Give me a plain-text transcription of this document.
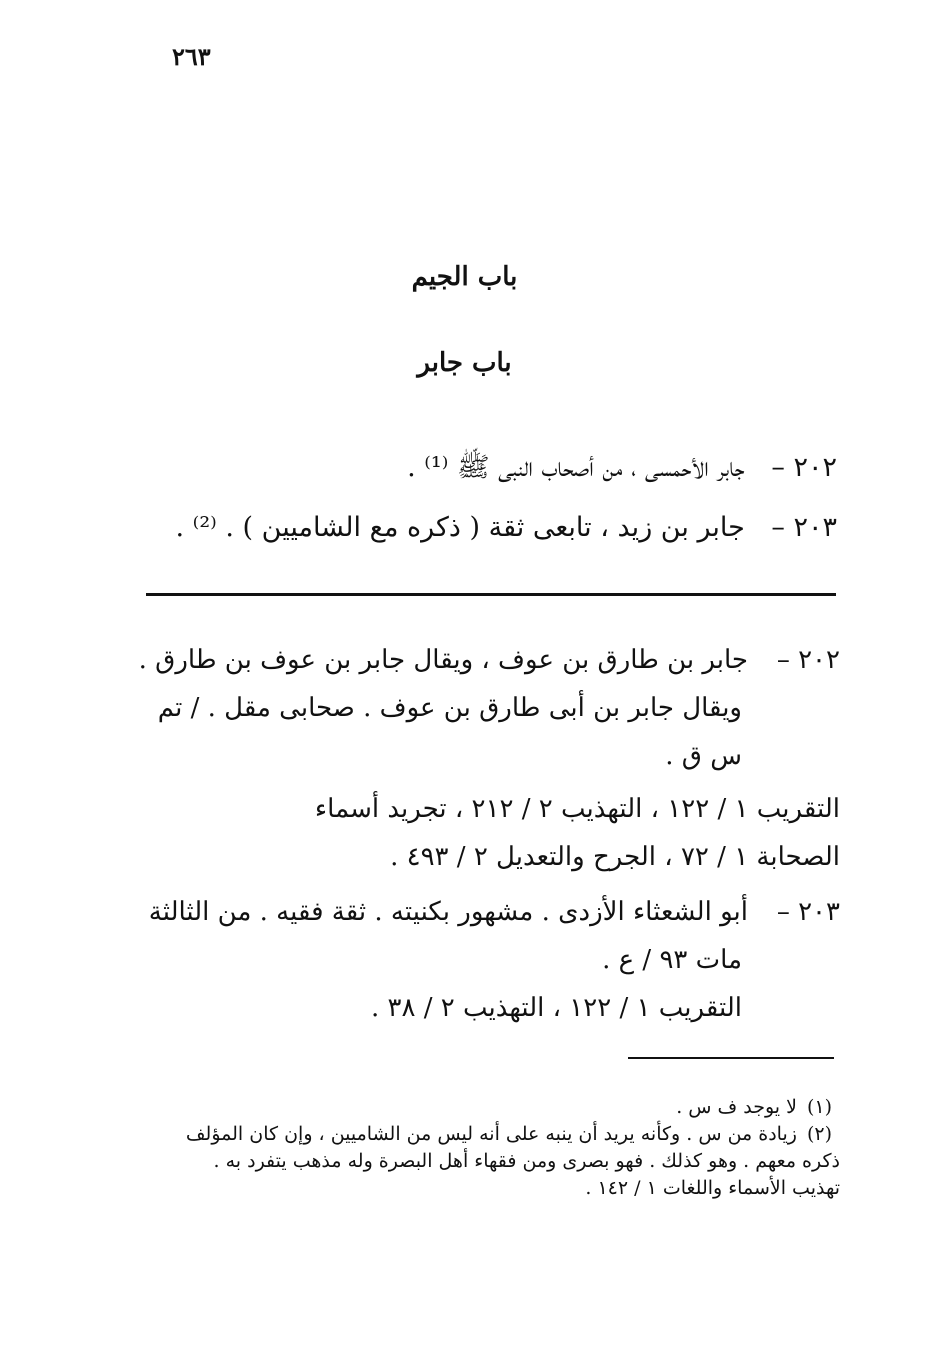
٢٦٣
باب الجيم
باب جابر
٢٠٢ – جابر الأحمسى ، من أصحاب النبى ﷺ ⁽¹⁾ .
٢٠٣ – جابر بن زيد ، تابعى ثقة ( ذكره مع الشاميين ) . ⁽²⁾ .
٢٠٢ –جابر بن طارق بن عوف ، ويقال جابر بن عوف بن طارق .
ويقال جابر بن أبى طارق بن عوف . صحابى مقل . / تم
س ق .
التقريب ١ / ١٢٢ ، التهذيب ٢ / ٢١٢ ، تجريد أسماء
الصحابة ١ / ٧٢ ، الجرح والتعديل ٢ / ٤٩٣ .
٢٠٣ –أبو الشعثاء الأزدى . مشهور بكنيته . ثقة فقيه . من الثالثة
مات ٩٣ / ع .
التقريب ١ / ١٢٢ ، التهذيب ٢ / ٣٨ .
(١)لا يوجد ف س .
(٢)زيادة من س . وكأنه يريد أن ينبه على أنه ليس من الشاميين ، وإن كان المؤلف
ذكره معهم . وهو كذلك . فهو بصرى ومن فقهاء أهل البصرة وله مذهب يتفرد به .
تهذيب الأسماء واللغات ١ / ١٤٢ .
